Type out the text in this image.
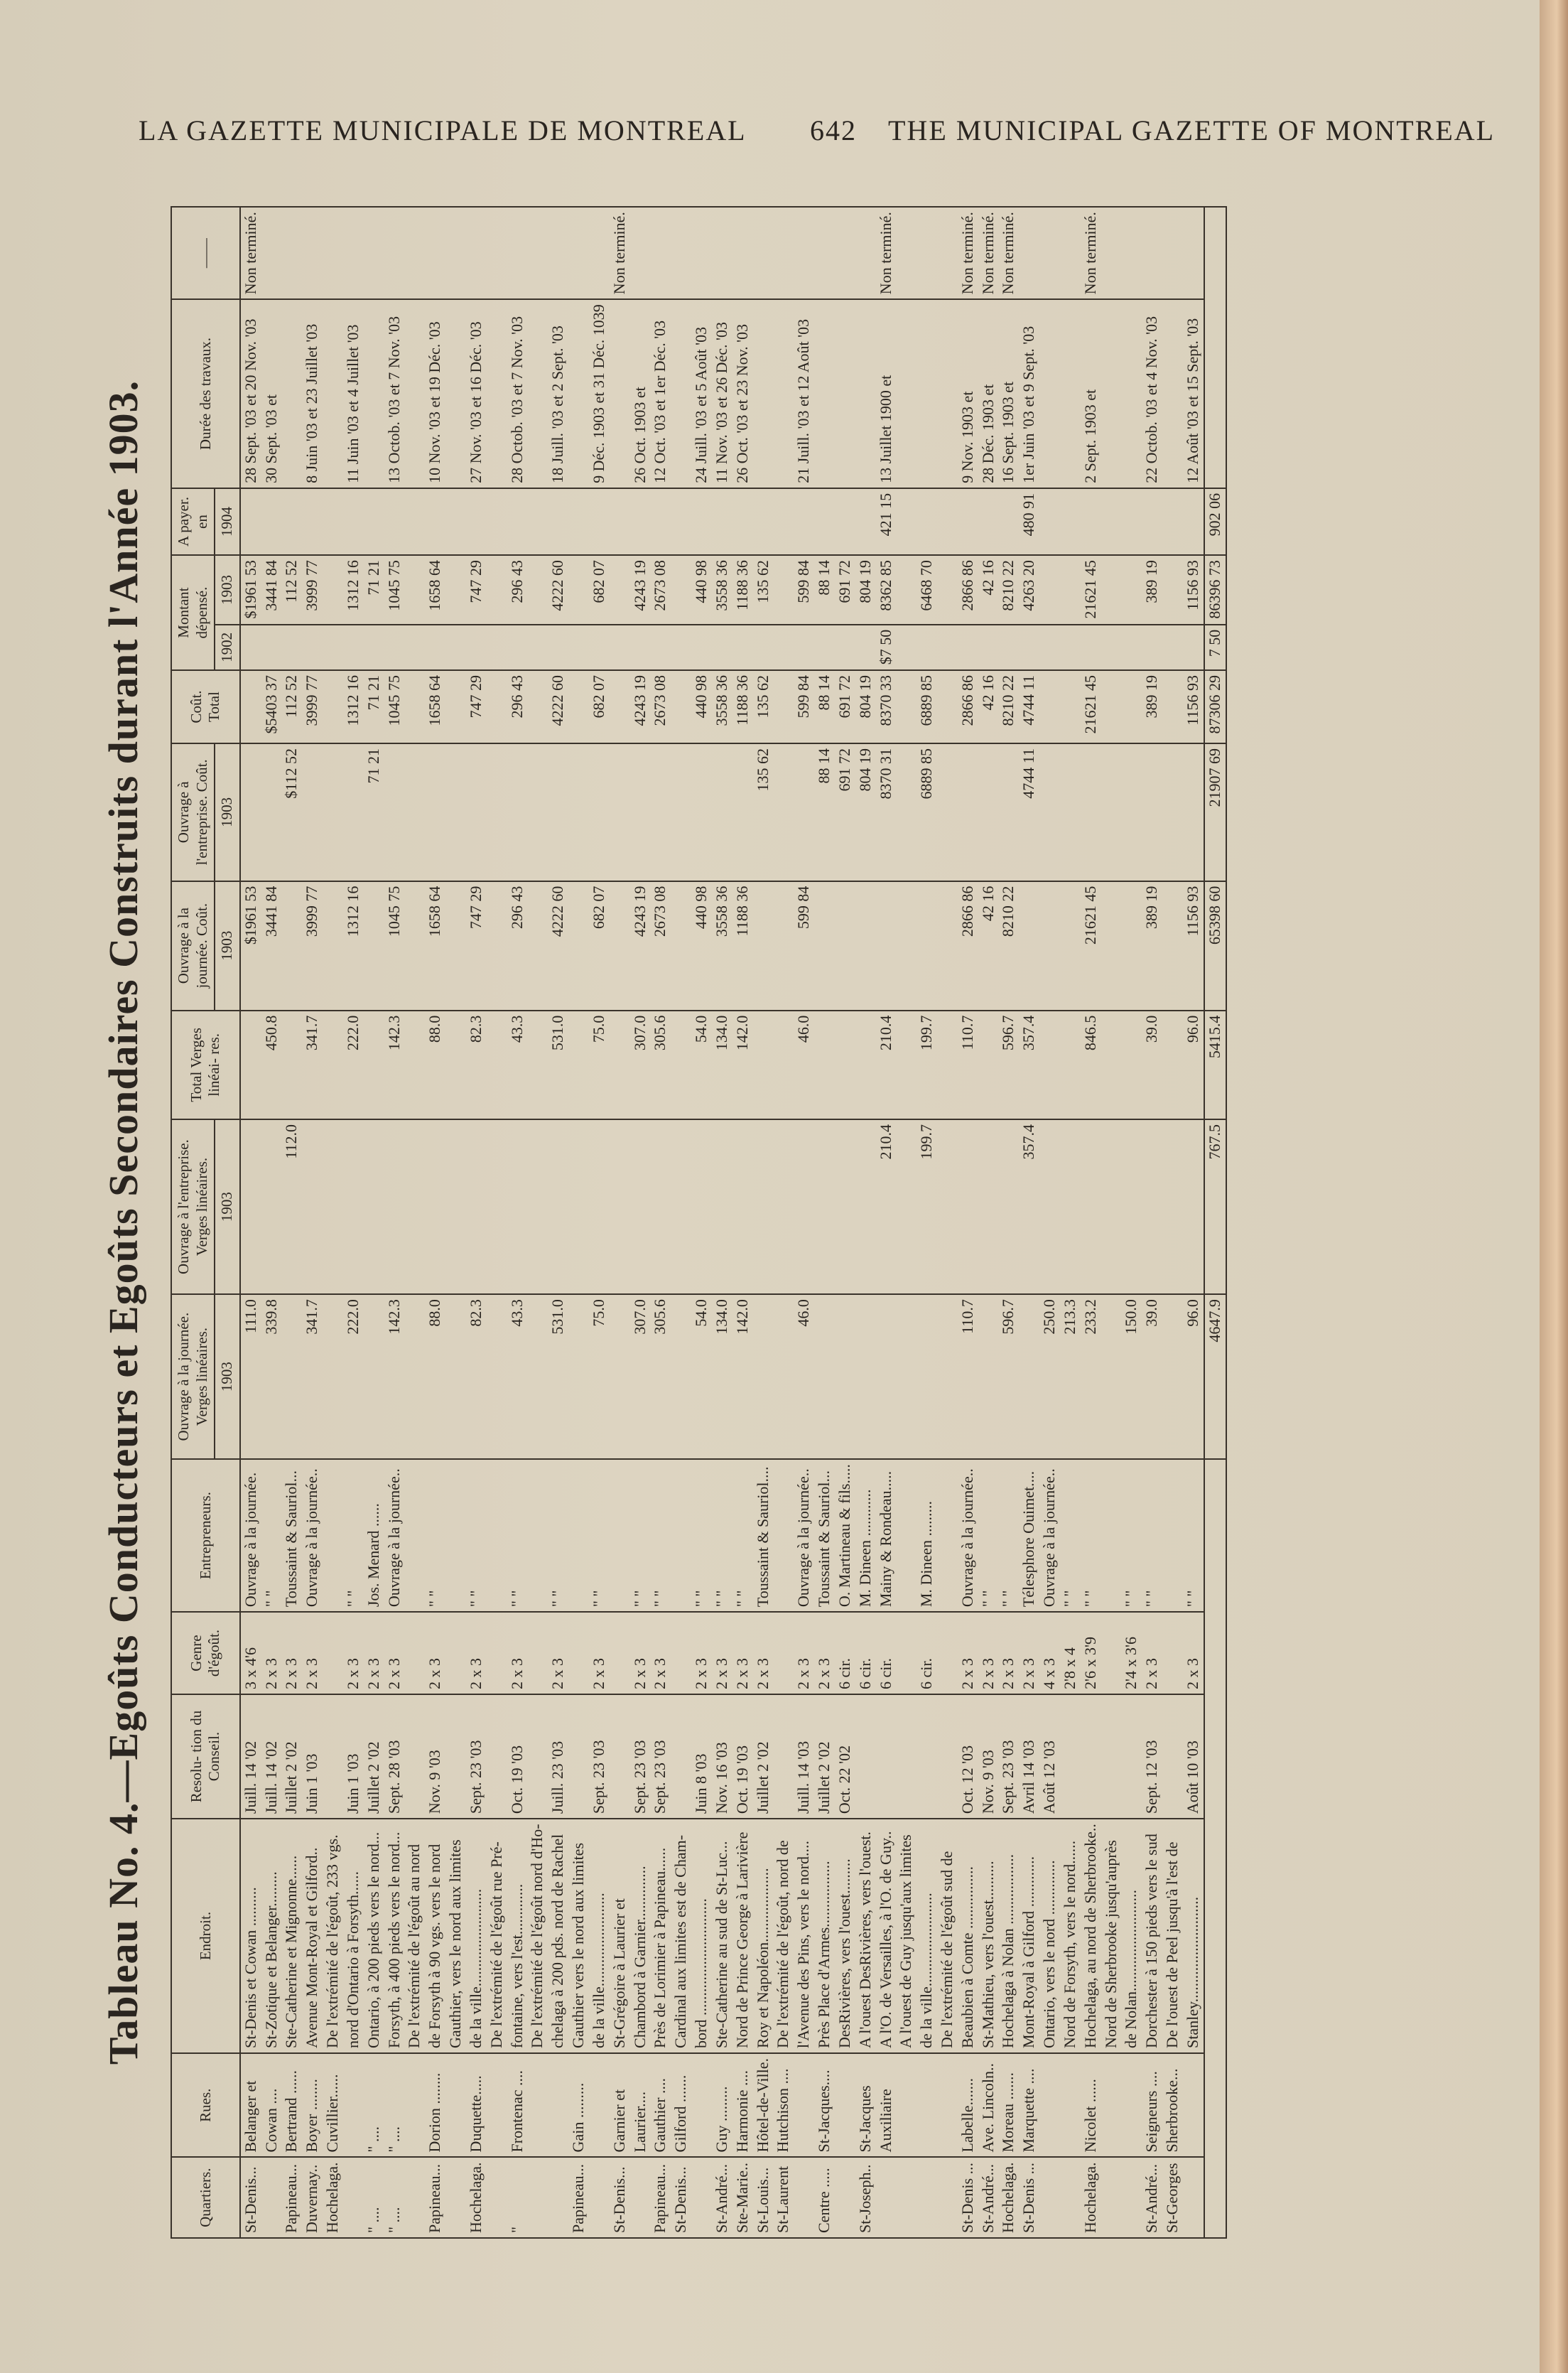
LA GAZETTE MUNICIPALE DE MONTREAL 642 THE MUNICIPAL GAZETTE OF MONTREAL
Tableau No. 4.—Egoûts Conducteurs et Egoûts Secondaires Construits durant l'Année 1903.
Quartiers.	Rues.	Endroit.	Resolu- tion du Conseil.	Genre d'égoût.	Entrepreneurs.	Ouvrage à la journée. Verges linéaires.	Ouvrage à l'entreprise. Verges linéaires.	Total Verges linéai- res.	Ouvrage à la journée. Coût.	Ouvrage à l'entreprise. Coût.	Coût. Total	Montant dépensé.		A payer. en	Durée des travaux.	——
						1903	1903		1903	1903		1902	1903	1904		
St-Denis...	Belanger et	St-Denis et Cowan ..........	Juill. 14 '02	3 x 4'6	Ouvrage à la journée.	111.0			$1961 53				$1961 53		28 Sept. '03 et 20 Nov. '03	Non terminé.
	Cowan ....	St-Zotique et Belanger.........	Juill. 14 '02	2 x 3	" "	339.8		450.8	3441 84		$5403 37		3441 84		30 Sept. '03 et	
Papineau...	Bertrand ......	Ste-Catherine et Mignonne......	Juillet 2 '02	2 x 3	Toussaint & Sauriol...		112.0			$112 52	112 52		112 52			
Duvernay..	Boyer ........	Avenue Mont-Royal et Gilford..	Juin 1 '03	2 x 3	Ouvrage à la journée..	341.7		341.7	3999 77		3999 77		3999 77		8 Juin '03 et 23 Juillet '03	
Hochelaga.	Cuvillier......	De l'extrémité de l'égoût, 233 vgs.														
		nord d'Ontario à Forsyth......	Juin 1 '03	2 x 3	" "	222.0		222.0	1312 16		1312 16		1312 16		11 Juin '03 et 4 Juillet '03	
" ....	" ....	Ontario, à 200 pieds vers le nord...	Juillet 2 '02	2 x 3	Jos. Menard ......					71 21	71 21		71 21			
" ....	" ....	Forsyth, à 400 pieds vers le nord...	Sept. 28 '03	2 x 3	Ouvrage à la journée..	142.3		142.3	1045 75		1045 75		1045 75		13 Octob. '03 et 7 Nov. '03	
		De l'extrémité de l'égoût au nord														
Papineau...	Dorion ........	de Forsyth à 90 vgs. vers le nord	Nov. 9 '03	2 x 3	" "	88.0		88.0	1658 64		1658 64		1658 64		10 Nov. '03 et 19 Déc. '03	
		Gauthier, vers le nord aux limites														
Hochelaga.	Duquette.....	de la ville.........................	Sept. 23 '03	2 x 3	" "	82.3		82.3	747 29		747 29		747 29		27 Nov. '03 et 16 Déc. '03	
		De l'extrémité de l'égoût rue Pré-														
"	Frontenac ....	fontaine, vers l'est.............	Oct. 19 '03	2 x 3	" "	43.3		43.3	296 43		296 43		296 43		28 Octob. '03 et 7 Nov. '03	
		De l'extrémité de l'égoût nord d'Ho-														
		chelaga à 200 pds. nord de Rachel	Juill. 23 '03	2 x 3	" "	531.0		531.0	4222 60		4222 60		4222 60		18 Juill. '03 et 2 Sept. '03	
Papineau...	Gain .........	Gauthier vers le nord aux limites														
		de la ville........................	Sept. 23 '03	2 x 3	" "	75.0		75.0	682 07		682 07		682 07		9 Déc. 1903 et 31 Déc. 1039	
St-Denis...	Garnier et	St-Grégoire à Laurier et														Non terminé.
	Laurier....	Chambord à Garnier..............	Sept. 23 '03	2 x 3	" "	307.0		307.0	4243 19		4243 19		4243 19		26 Oct. 1903 et	
Papineau...	Gauthier ....	Près de Lorimier à Papineau......	Sept. 23 '03	2 x 3	" "	305.6		305.6	2673 08		2673 08		2673 08		12 Oct. '03 et 1er Déc. '03	
St-Denis...	Gilford .......	Cardinal aux limites est de Cham-														
		bord ..............................	Juin 8 '03	2 x 3	" "	54.0		54.0	440 98		440 98		440 98		24 Juill. '03 et 5 Août '03	
St-André...	Guy .........	Ste-Catherine au sud de St-Luc...	Nov. 16 '03	2 x 3	" "	134.0		134.0	3558 36		3558 36		3558 36		11 Nov. '03 et 26 Déc. '03	
Ste-Marie..	Harmonie ....	Nord de Prince George à Larivière	Oct. 19 '03	2 x 3	" "	142.0		142.0	1188 36		1188 36		1188 36		26 Oct. '03 et 23 Nov. '03	
St-Louis...	Hôtel-de-Ville.	Roy et Napoléon...................	Juillet 2 '02	2 x 3	Toussaint & Sauriol....					135 62	135 62		135 62			
St-Laurent	Hutchison ....	De l'extrémité de l'égoût, nord de														
		l'Avenue des Pins, vers le nord....	Juill. 14 '03	2 x 3	Ouvrage à la journée..	46.0		46.0	599 84		599 84		599 84		21 Juill. '03 et 12 Août '03	
Centre .....	St-Jacques....	Près Place d'Armes.................	Juillet 2 '02	2 x 3	Toussaint & Sauriol...					88 14	88 14		88 14			
		DesRivières, vers l'ouest.........	Oct. 22 '02	6 cir.	O. Martineau & fils.....					691 72	691 72		691 72			
St-Joseph..	St-Jacques	A l'ouest DesRivières, vers l'ouest.		6 cir.	M. Dineen ............					804 19	804 19		804 19			
	Auxiliaire	A l'O. de Versailles, à l'O. de Guy..		6 cir.	Mainy & Rondeau.....		210.4	210.4		8370 31	8370 33	$7 50	8362 85	421 15	13 Juillet 1900 et	Non terminé.
		A l'ouest de Guy jusqu'aux limites														
		de la ville........................		6 cir.	M. Dineen .........		199.7	199.7		6889 85	6889 85		6468 70			
		De l'extrémité de l'égoût sud de														
St-Denis ...	Labelle.......	Beaubien à Comte ................	Oct. 12 '03	2 x 3	Ouvrage à la journée..	110.7		110.7	2866 86		2866 86		2866 86		9 Nov. 1903 et	Non terminé.
St-André...	Ave. Lincoln..	St-Mathieu, vers l'ouest..........	Nov. 9 '03	2 x 3	" "				42 16		42 16		42 16		28 Déc. 1903 et	Non terminé.
Hochelaga.	Moreau .......	Hochelaga à Nolan ..................	Sept. 23 '03	2 x 3	" "	596.7		596.7	8210 22		8210 22		8210 22		16 Sept. 1903 et	Non terminé.
St-Denis ...	Marquette ....	Mont-Royal à Gilford .............	Avril 14 '03	2 x 3	Télesphore Ouimet....		357.4	357.4		4744 11	4744 11		4263 20	480 91	1er Juin '03 et 9 Sept. '03	
		Ontario, vers le nord ..............	Août 12 '03	4 x 3	Ouvrage à la journée..	250.0										
		Nord de Forsyth, vers le nord......		2'8 x 4	" "	213.3										
Hochelaga.	Nicolet ......	Hochelaga, au nord de Sherbrooke..		2'6 x 3'9	" "	233.2		846.5	21621 45		21621 45		21621 45		2 Sept. 1903 et	Non terminé.
		Nord de Sherbrooke jusqu'auprès														
		de Nolan..........................		2'4 x 3'6	" "	150.0										
St-André...	Seigneurs ....	Dorchester à 150 pieds vers le sud	Sept. 12 '03	2 x 3	" "	39.0		39.0	389 19		389 19		389 19		22 Octob. '03 et 4 Nov. '03	
St-Georges	Sherbrooke...	De l'ouest de Peel jusqu'à l'est de														
		Stanley...........................	Août 10 '03	2 x 3	" "	96.0		96.0	1156 93		1156 93		1156 93		12 Août '03 et 15 Sept. '03	
						4647.9	767.5	5415.4	65398 60	21907 69	87306 29	7 50	86396 73	902 06		
